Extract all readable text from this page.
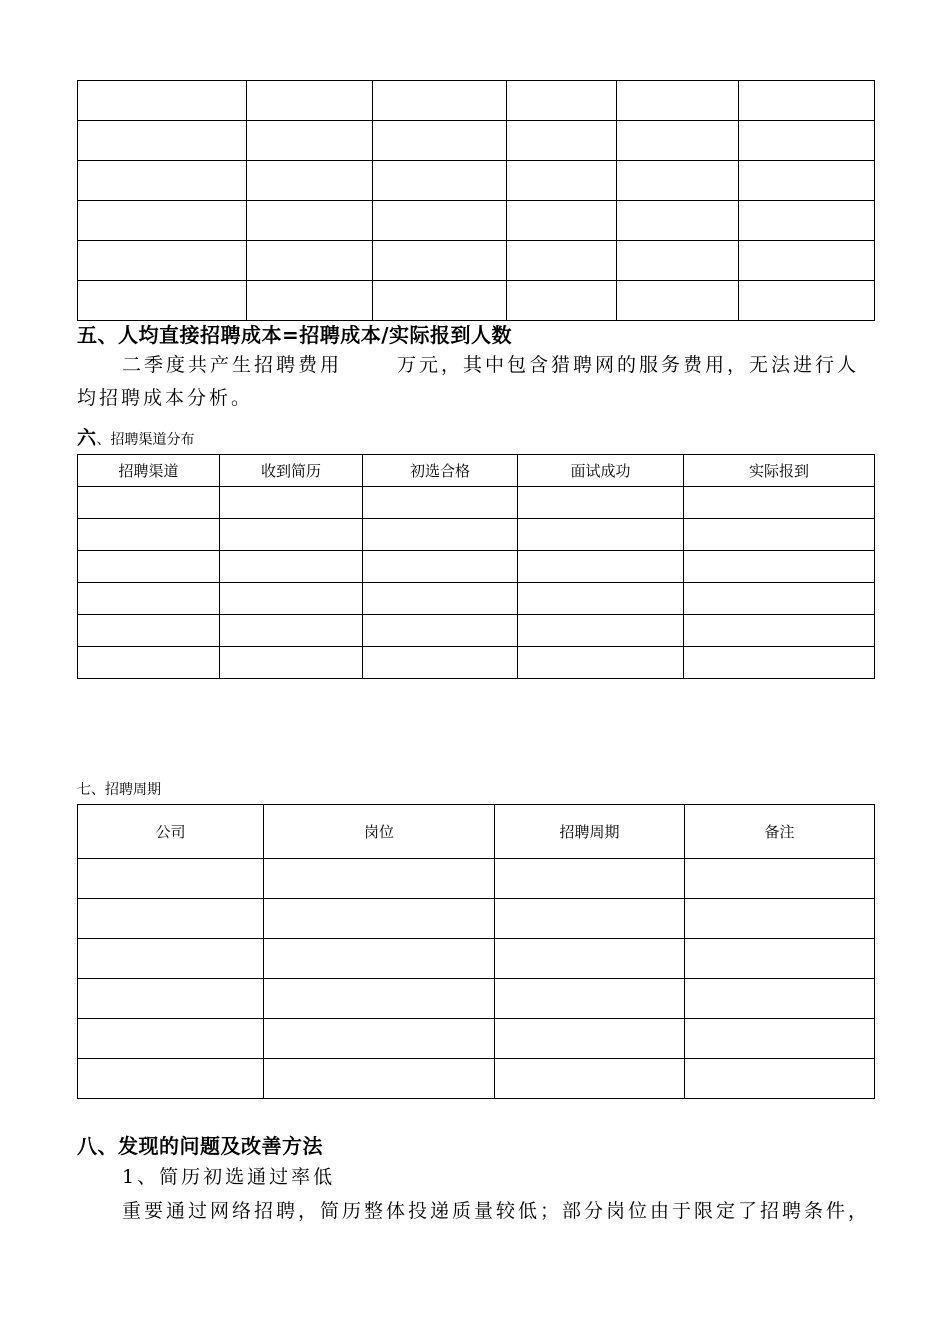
五、人均直接招聘成本=招聘成本/实际报到人数
二季度共产生招聘费用	万元，其中包含猎聘网的服务费用，无法进行人
均招聘成本分析。
六、招聘渠道分布
招聘渠道	收到简历	初选合格	面试成功	实际报到

七、招聘周期
公司	岗位	招聘周期	备注

八、发现的问题及改善方法
1、简历初选通过率低
重要通过网络招聘，简历整体投递质量较低；部分岗位由于限定了招聘条件，
